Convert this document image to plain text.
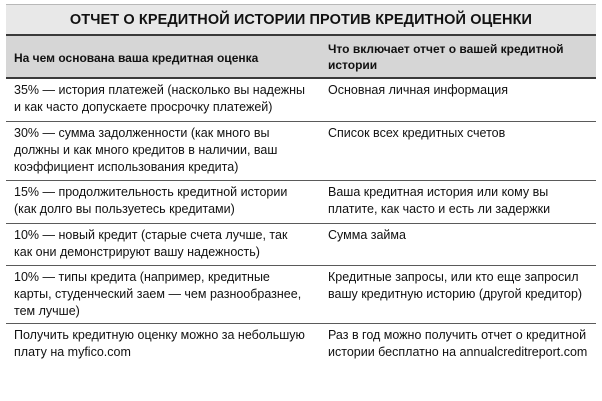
ОТЧЕТ О КРЕДИТНОЙ ИСТОРИИ ПРОТИВ КРЕДИТНОЙ ОЦЕНКИ
На чем основана ваша кредитная оценка	Что включает отчет о вашей кредитной истории
35% — история платежей (насколько вы надежны и как часто допускаете просрочку платежей)	Основная личная информация
30% — сумма задолженности (как много вы должны и как много кредитов в наличии, ваш коэффициент использования кредита)	Список всех кредитных счетов
15% — продолжительность кредитной истории (как долго вы пользуетесь кредитами)	Ваша кредитная история или кому вы платите, как часто и есть ли задержки
10% — новый кредит (старые счета лучше, так как они демонстрируют вашу надежность)	Сумма займа
10% — типы кредита (например, кредитные карты, студенческий заем — чем разнообразнее, тем лучше)	Кредитные запросы, или кто еще запросил вашу кредитную историю (другой кредитор)
Получить кредитную оценку можно за небольшую плату на myfico.com	Раз в год можно получить отчет о кредитной истории бесплатно на annualcreditreport.com
